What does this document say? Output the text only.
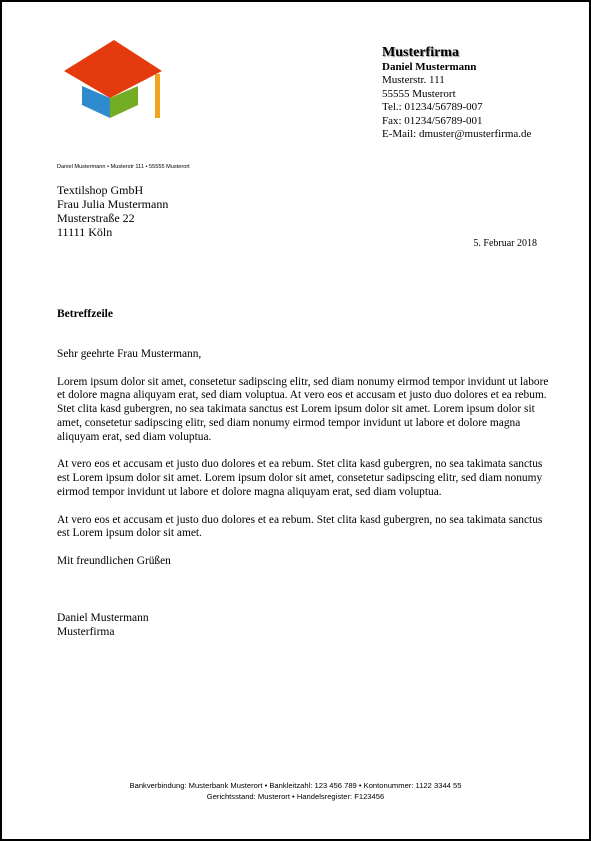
Musterfirma
Daniel Mustermann
Musterstr. 111
55555 Musterort
Tel.: 01234/56789-007
Fax: 01234/56789-001
E-Mail: dmuster@musterfirma.de
Daniel Mustermann • Musterstr 111 • 55555 Musterort
Textilshop GmbH
Frau Julia Mustermann
Musterstraße 22
11111 Köln
5. Februar 2018
Betreffzeile

Sehr geehrte Frau Mustermann,

Lorem ipsum dolor sit amet, consetetur sadipscing elitr, sed diam nonumy eirmod tempor invidunt ut labore et dolore magna aliquyam erat, sed diam voluptua. At vero eos et accusam et justo duo dolores et ea rebum. Stet clita kasd gubergren, no sea takimata sanctus est Lorem ipsum dolor sit amet. Lorem ipsum dolor sit amet, consetetur sadipscing elitr, sed diam nonumy eirmod tempor invidunt ut labore et dolore magna aliquyam erat, sed diam voluptua.

At vero eos et accusam et justo duo dolores et ea rebum. Stet clita kasd gubergren, no sea takimata sanctus est Lorem ipsum dolor sit amet. Lorem ipsum dolor sit amet, consetetur sadipscing elitr, sed diam nonumy eirmod tempor invidunt ut labore et dolore magna aliquyam erat, sed diam voluptua.

At vero eos et accusam et justo duo dolores et ea rebum. Stet clita kasd gubergren, no sea takimata sanctus est Lorem ipsum dolor sit amet.

Mit freundlichen Grüßen

Daniel Mustermann
Musterfirma
Bankverbindung: Musterbank Musterort • Bankleitzahl: 123 456 789 • Kontonummer: 1122 3344 55
Gerichtsstand: Musterort • Handelsregister: F123456
